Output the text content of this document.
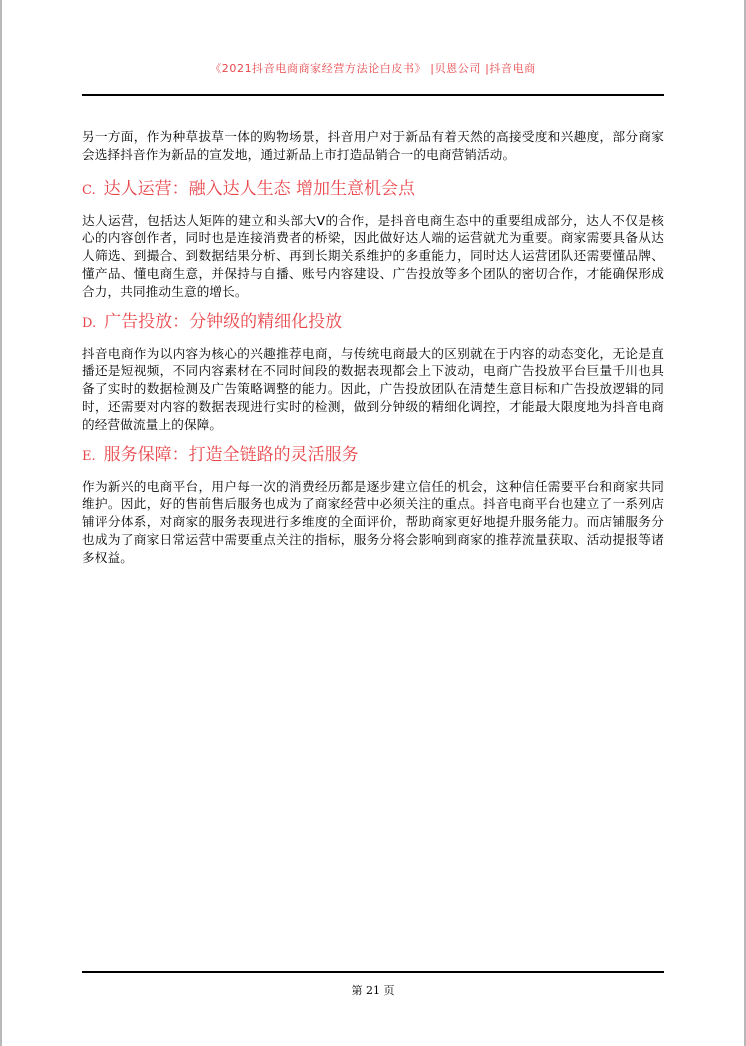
《2021抖音电商商家经营方法论白皮书》 |贝恩公司 |抖音电商

另一方面，作为种草拔草一体的购物场景，抖音用户对于新品有着天然的高接受度和兴趣度，部分商家会选择抖音作为新品的宣发地，通过新品上市打造品销合一的电商营销活动。

C. 达人运营：融入达人生态 增加生意机会点

达人运营，包括达人矩阵的建立和头部大V的合作，是抖音电商生态中的重要组成部分，达人不仅是核心的内容创作者，同时也是连接消费者的桥梁，因此做好达人端的运营就尤为重要。商家需要具备从达人筛选、到撮合、到数据结果分析、再到长期关系维护的多重能力，同时达人运营团队还需要懂品牌、懂产品、懂电商生意，并保持与自播、账号内容建设、广告投放等多个团队的密切合作，才能确保形成合力，共同推动生意的增长。

D. 广告投放：分钟级的精细化投放

抖音电商作为以内容为核心的兴趣推荐电商，与传统电商最大的区别就在于内容的动态变化，无论是直播还是短视频，不同内容素材在不同时间段的数据表现都会上下波动，电商广告投放平台巨量千川也具备了实时的数据检测及广告策略调整的能力。因此，广告投放团队在清楚生意目标和广告投放逻辑的同时，还需要对内容的数据表现进行实时的检测，做到分钟级的精细化调控，才能最大限度地为抖音电商的经营做流量上的保障。

E. 服务保障：打造全链路的灵活服务

作为新兴的电商平台，用户每一次的消费经历都是逐步建立信任的机会，这种信任需要平台和商家共同维护。因此，好的售前售后服务也成为了商家经营中必须关注的重点。抖音电商平台也建立了一系列店铺评分体系，对商家的服务表现进行多维度的全面评价，帮助商家更好地提升服务能力。而店铺服务分也成为了商家日常运营中需要重点关注的指标，服务分将会影响到商家的推荐流量获取、活动提报等诸多权益。

第 21 页
